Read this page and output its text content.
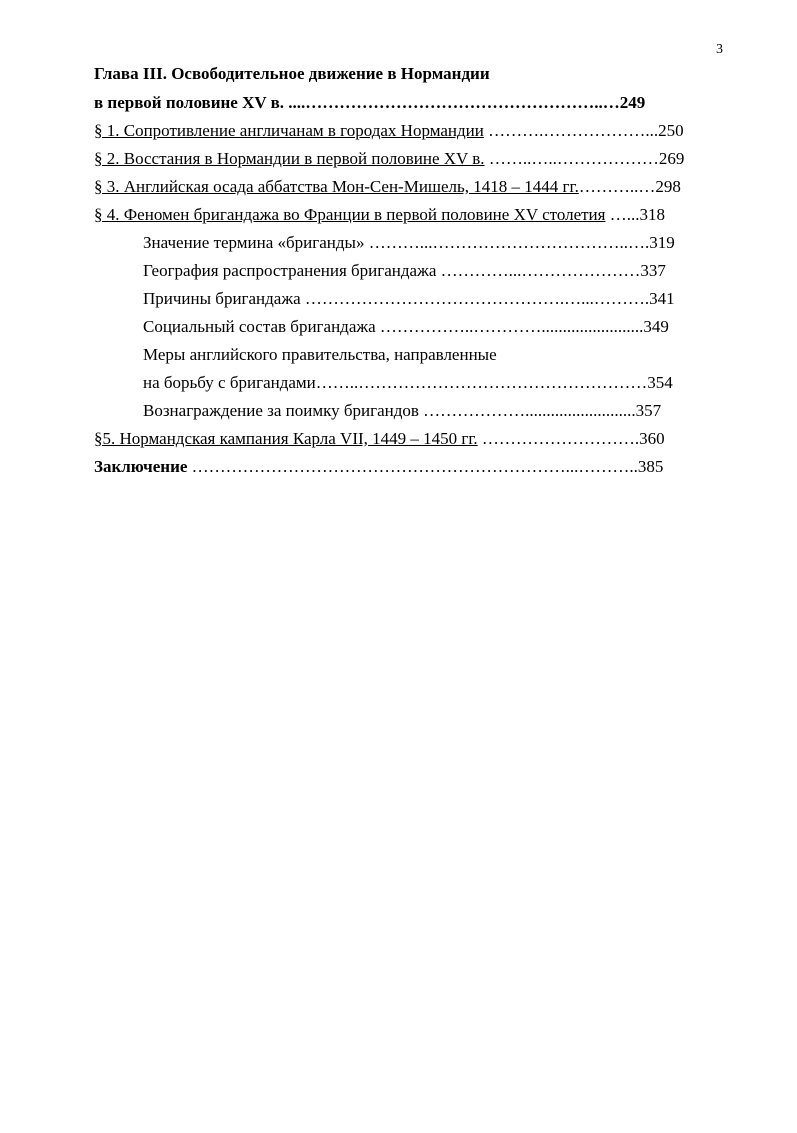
3
Глава III. Освободительное движение в Нормандии
в первой половине XV в. ....……………………………………………..…249
§ 1. Сопротивление англичанам в городах Нормандии ……….………………...250
§ 2. Восстания в Нормандии в первой половине XV в. ……..…..………………269
§ 3. Английская осада аббатства Мон-Сен-Мишель, 1418 – 1444 гг.………..…298
§ 4. Феномен бригандажа во Франции в первой половине XV столетия …...318
Значение термина «бриганды» ………...……………………………..….319
География распространения бригандажа …………...…………………337
Причины бригандажа ……………………………………….…...……….341
Социальный состав бригандажа ……………..…………........................349
Меры английского правительства, направленные
на борьбу с бригандами……..……………………………………………354
Вознаграждение за поимку бригандов ………………..........................357
§5. Нормандская кампания Карла VII, 1449 – 1450 гг. ……………………….360
Заключение …………………………………………………………...………..385
